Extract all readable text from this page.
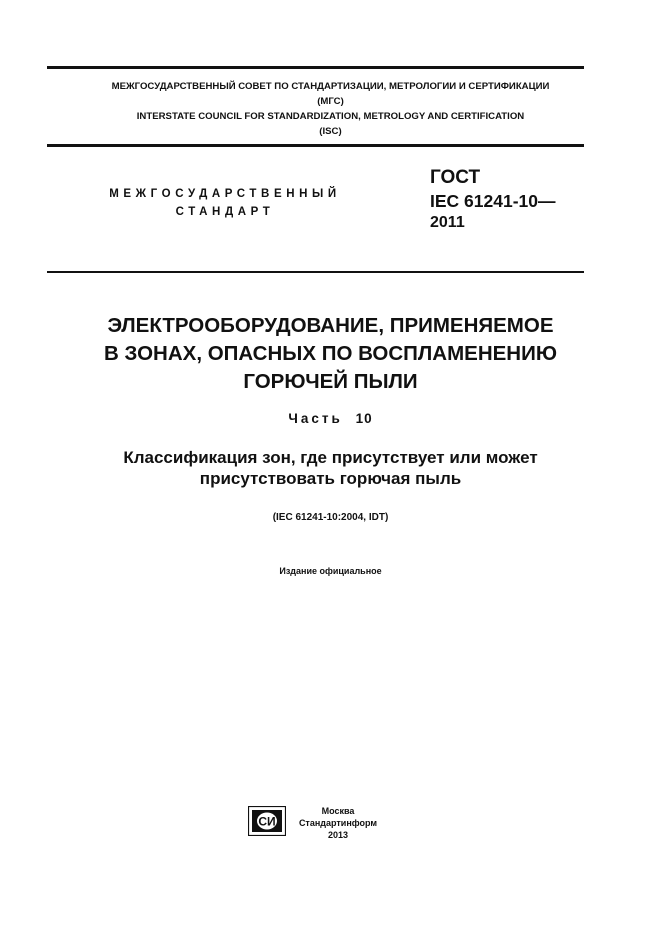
МЕЖГОСУДАРСТВЕННЫЙ СОВЕТ ПО СТАНДАРТИЗАЦИИ, МЕТРОЛОГИИ И СЕРТИФИКАЦИИ
(МГС)
INTERSTATE COUNCIL FOR STANDARDIZATION, METROLOGY AND CERTIFICATION
(ISC)
МЕЖГОСУДАРСТВЕННЫЙ
СТАНДАРТ
ГОСТ
IEC 61241-10—
2011
ЭЛЕКТРООБОРУДОВАНИЕ, ПРИМЕНЯЕМОЕ
В ЗОНАХ, ОПАСНЫХ ПО ВОСПЛАМЕНЕНИЮ
ГОРЮЧЕЙ ПЫЛИ
Часть 10
Классификация зон, где присутствует или может
присутствовать горючая пыль
(IEC 61241-10:2004, IDT)
Издание официальное
СИ
Москва
Стандартинформ
2013
